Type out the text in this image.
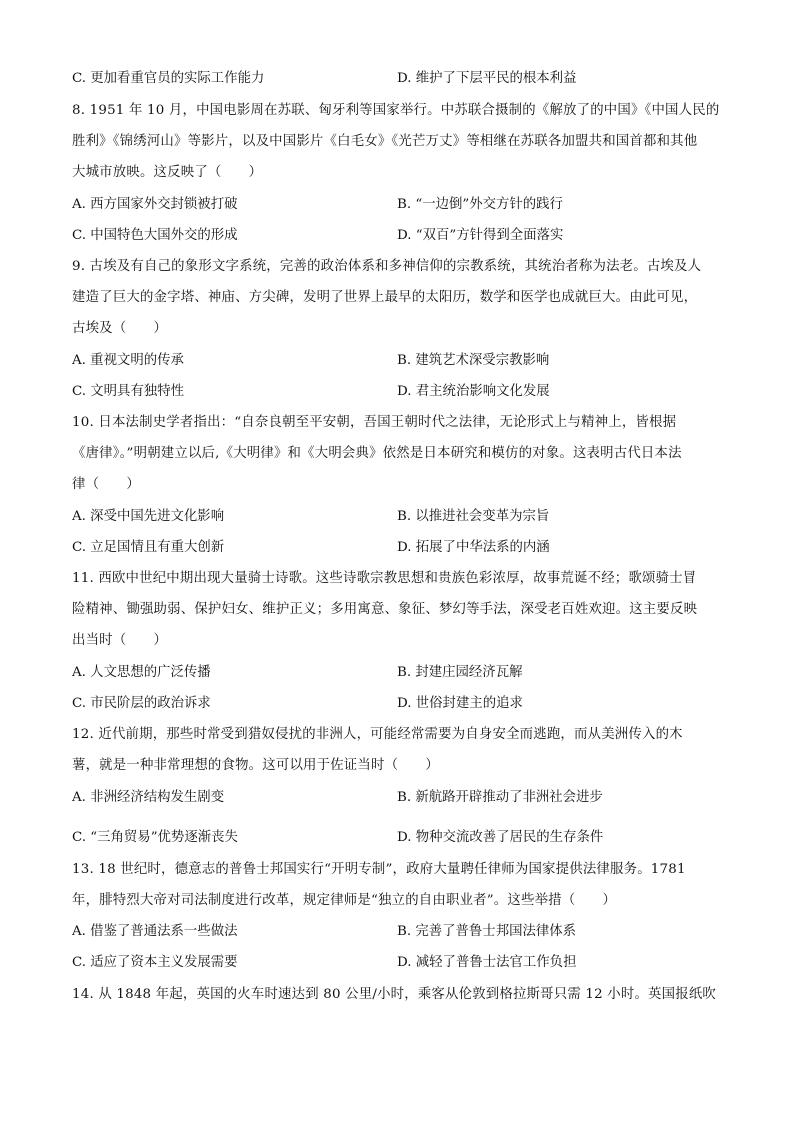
C. 更加看重官员的实际工作能力	D. 维护了下层平民的根本利益
8. 1951 年 10 月，中国电影周在苏联、匈牙利等国家举行。中苏联合摄制的《解放了的中国》《中国人民的
胜利》《锦绣河山》等影片，以及中国影片《白毛女》《光芒万丈》等相继在苏联各加盟共和国首都和其他
大城市放映。这反映了（　　）
A. 西方国家外交封锁被打破	B. “一边倒”外交方针的践行
C. 中国特色大国外交的形成	D. “双百”方针得到全面落实
9. 古埃及有自己的象形文字系统，完善的政治体系和多神信仰的宗教系统，其统治者称为法老。古埃及人
建造了巨大的金字塔、神庙、方尖碑，发明了世界上最早的太阳历，数学和医学也成就巨大。由此可见，
古埃及（　　）
A. 重视文明的传承	B. 建筑艺术深受宗教影响
C. 文明具有独特性	D. 君主统治影响文化发展
10. 日本法制史学者指出：“自奈良朝至平安朝，吾国王朝时代之法律，无论形式上与精神上，皆根据
《唐律》。”明朝建立以后,《大明律》和《大明会典》依然是日本研究和模仿的对象。这表明古代日本法
律（　　）
A. 深受中国先进文化影响	B. 以推进社会变革为宗旨
C. 立足国情且有重大创新	D. 拓展了中华法系的内涵
11. 西欧中世纪中期出现大量骑士诗歌。这些诗歌宗教思想和贵族色彩浓厚，故事荒诞不经；歌颂骑士冒
险精神、锄强助弱、保护妇女、维护正义；多用寓意、象征、梦幻等手法，深受老百姓欢迎。这主要反映
出当时（　　）
A. 人文思想的广泛传播	B. 封建庄园经济瓦解
C. 市民阶层的政治诉求	D. 世俗封建主的追求
12. 近代前期，那些时常受到猎奴侵扰的非洲人，可能经常需要为自身安全而逃跑，而从美洲传入的木
薯，就是一种非常理想的食物。这可以用于佐证当时（　　）
A. 非洲经济结构发生剧变	B. 新航路开辟推动了非洲社会进步
C. “三角贸易”优势逐渐丧失	D. 物种交流改善了居民的生存条件
13. 18 世纪时，德意志的普鲁士邦国实行“开明专制”，政府大量聘任律师为国家提供法律服务。1781
年，腓特烈大帝对司法制度进行改革，规定律师是“独立的自由职业者”。这些举措（　　）
A. 借鉴了普通法系一些做法	B. 完善了普鲁士邦国法律体系
C. 适应了资本主义发展需要	D. 减轻了普鲁士法官工作负担
14. 从 1848 年起，英国的火车时速达到 80 公里/小时，乘客从伦敦到格拉斯哥只需 12 小时。英国报纸吹
